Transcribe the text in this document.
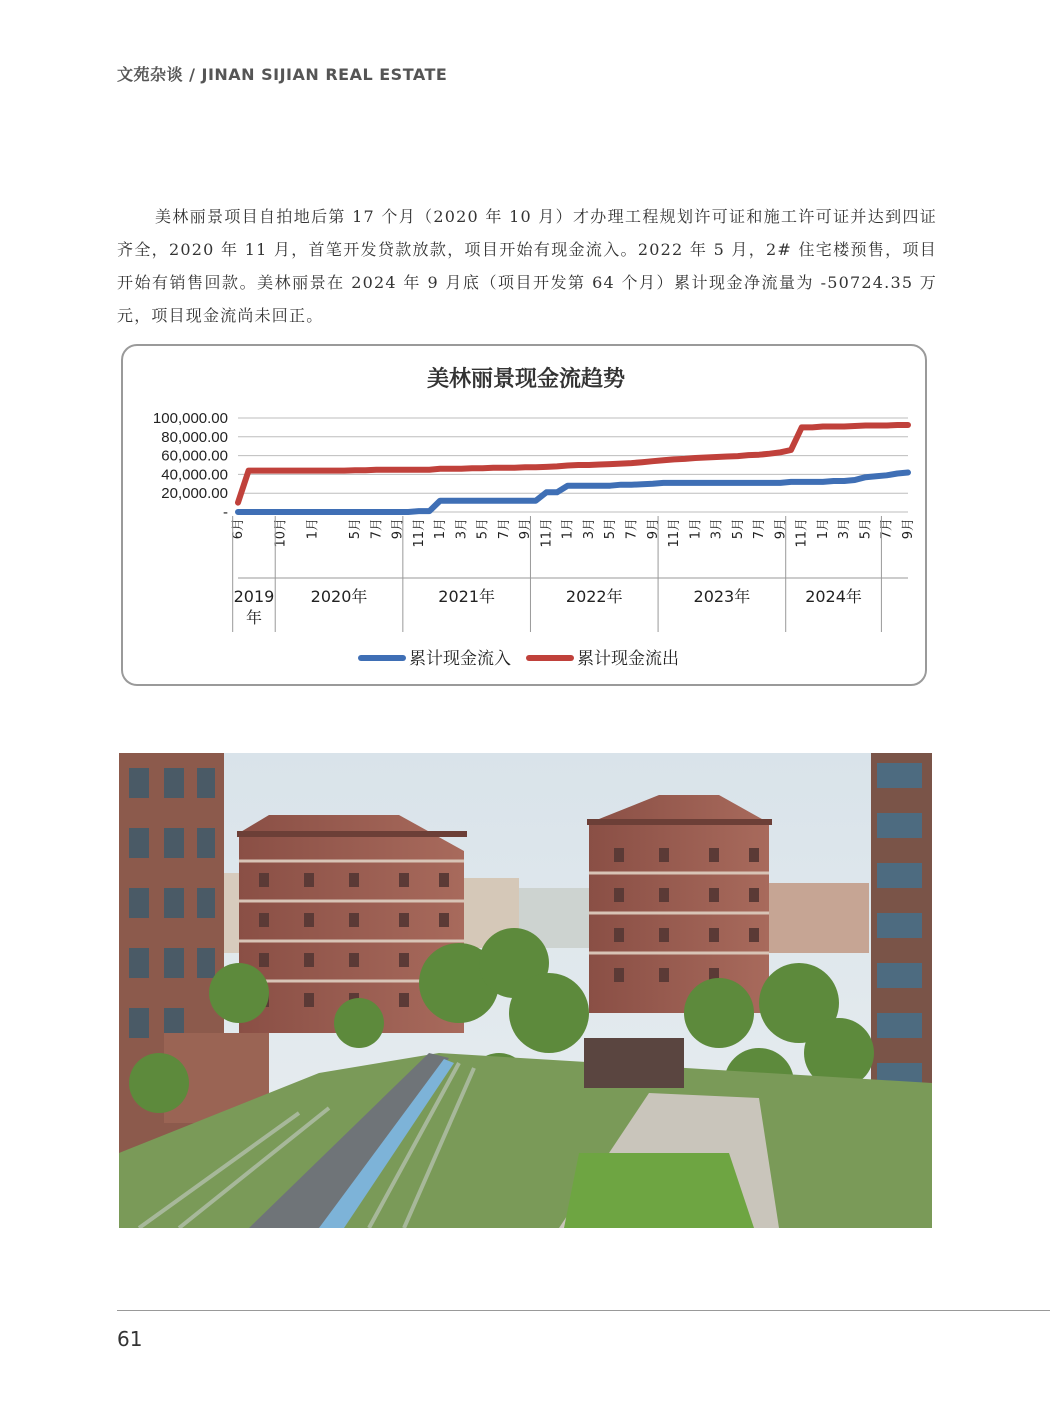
文苑杂谈 / JINAN SIJIAN REAL ESTATE

美林丽景项目自拍地后第 17 个月（2020 年 10 月）才办理工程规划许可证和施工许可证并达到四证齐全，2020 年 11 月，首笔开发贷款放款，项目开始有现金流入。2022 年 5 月，2# 住宅楼预售，项目开始有销售回款。美林丽景在 2024 年 9 月底（项目开发第 64 个月）累计现金净流量为 -50724.35 万元，项目现金流尚未回正。

美林丽景现金流趋势
100,000.00
80,000.00
60,000.00
40,000.00
20,000.00
-
6月 10月 1月 5月 7月 9月 11月 1月 3月 5月 7月 9月 11月 1月 3月 5月 7月 9月 11月 1月 3月 5月 7月 9月 11月 1月 3月 5月 7月 9月
2019
年
2020年	2021年	2022年	2023年	2024年
累计现金流入	累计现金流出
61
